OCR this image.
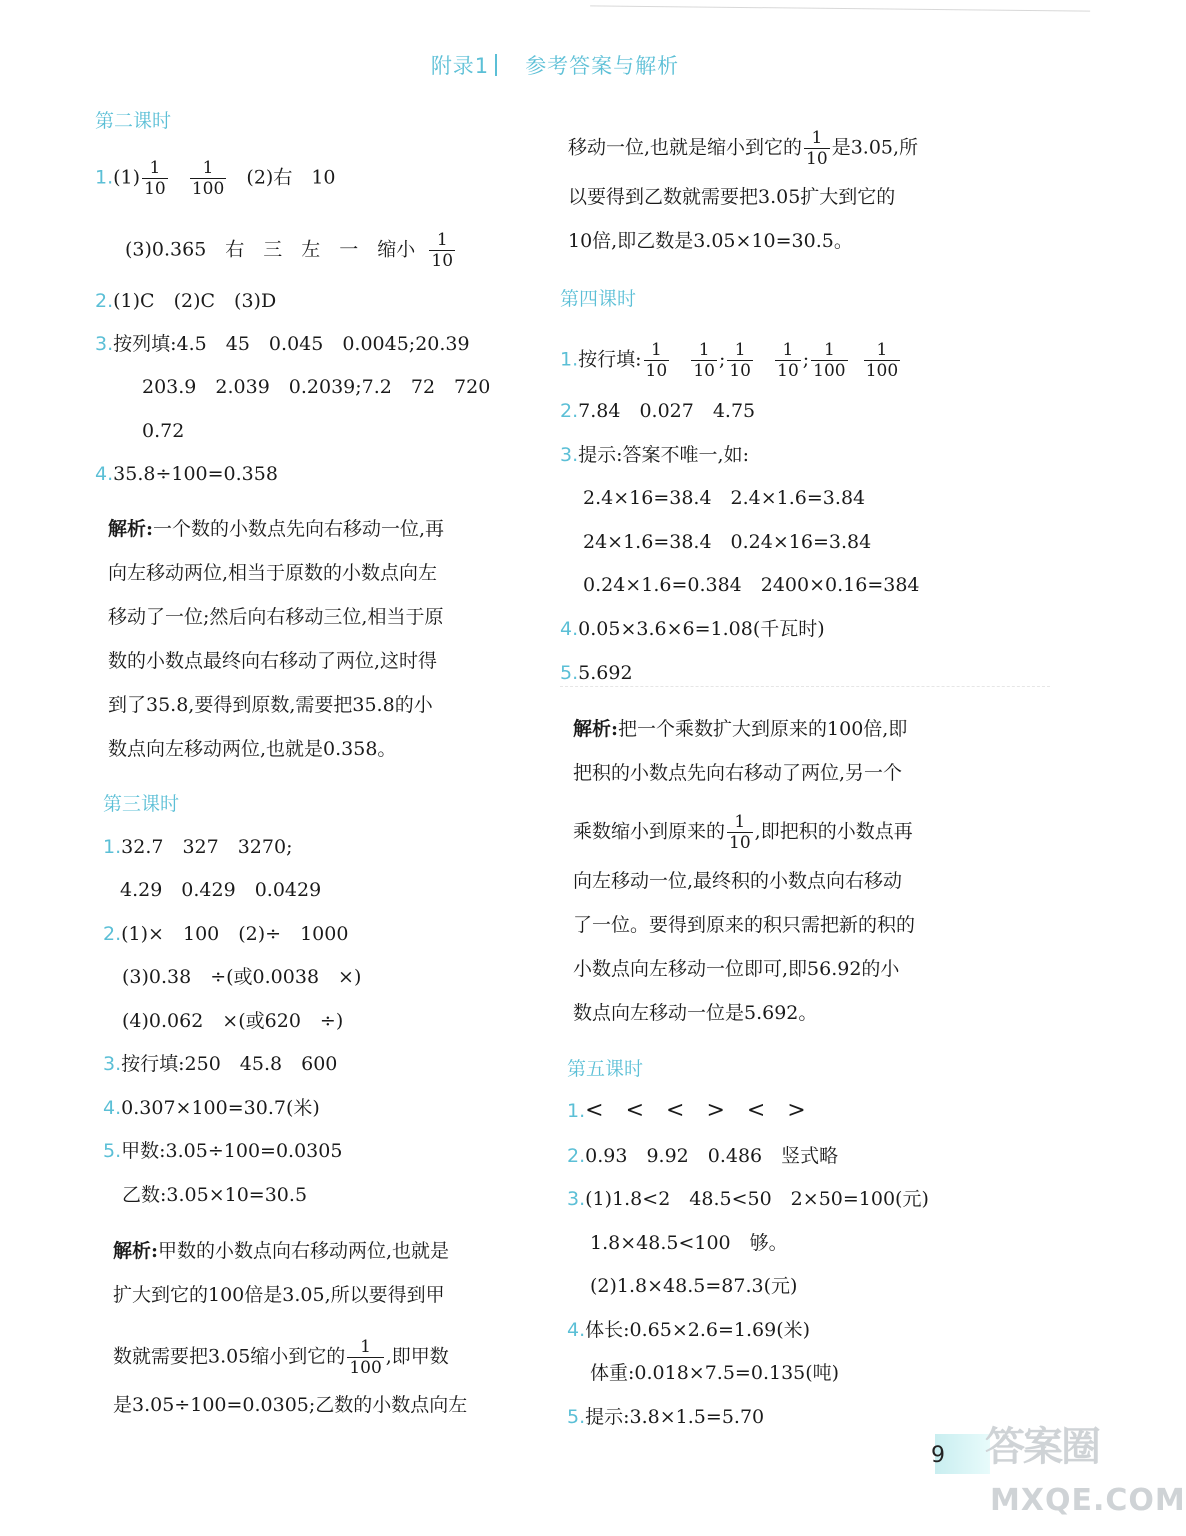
附录1 参考答案与解析
第二课时
$1.(1) \frac{1}{10}$
$\frac{1}{100} (2)$右　10
(3)0.365　右　三　左　一　缩小 $\frac{1}{10}$
2.(1)C　(2)C　(3)D
3.按列填:4.5　45　0.045　0.0045;20.39
203.9　2.039　0.2039;7.2　72　720
0.72
4.35.8÷100=0.358
解析:一个数的小数点先向右移动一位,再
向左移动两位,相当于原数的小数点向左
移动了一位;然后向右移动三位,相当于原
数的小数点最终向右移动了两位,这时得
到了35.8,要得到原数,需要把35.8的小
数点向左移动两位,也就是0.358。
第三课时
1.32.7　327　3270;
4.29　0.429　0.0429
2.(1)×　100　(2)÷　1000
(3)0.38　÷(或0.0038　×)
(4)0.062　×(或620　÷)
3.按行填:250　45.8　600
4.0.307×100=30.7(米)
5.甲数:3.05÷100=0.0305
乙数:3.05×10=30.5
解析:甲数的小数点向右移动两位,也就是
扩大到它的100倍是3.05,所以要得到甲
数就需要把3.05缩小到它的 $\frac{1}{100}$ ,即甲数
是3.05÷100=0.0305;乙数的小数点向左
移动一位,也就是缩小到它的 $\frac{1}{10}$ 是3.05,所
以要得到乙数就需要把3.05扩大到它的
10倍,即乙数是3.05×10=30.5。
第四课时
1.按行填: $\frac{1}{10}$
$\frac{1}{10}$ ; $\frac{1}{10}$
$\frac{1}{10}$ ; $\frac{1}{100}$
$\frac{1}{100}$
2.7.84　0.027　4.75
3.提示:答案不唯一,如:
2.4×16=38.4　2.4×1.6=3.84
24×1.6=38.4　0.24×16=3.84
0.24×1.6=0.384　2400×0.16=384
4.0.05×3.6×6=1.08(千瓦时)
5.5.692
解析:把一个乘数扩大到原来的100倍,即
把积的小数点先向右移动了两位,另一个
乘数缩小到原来的 $\frac{1}{10}$ ,即把积的小数点再
向左移动一位,最终积的小数点向右移动
了一位。要得到原来的积只需把新的积的
小数点向左移动一位即可,即56.92的小
数点向左移动一位是5.692。
第五课时
1.<　<　<　>　<　>
2.0.93　9.92　0.486　竖式略
3.(1)1.8<2　48.5<50　2×50=100(元)
1.8×48.5<100　够。
(2)1.8×48.5=87.3(元)
4.体长:0.65×2.6=1.69(米)
体重:0.018×7.5=0.135(吨)
5.提示:3.8×1.5=5.70
9 答案圈
MXQE.COM
